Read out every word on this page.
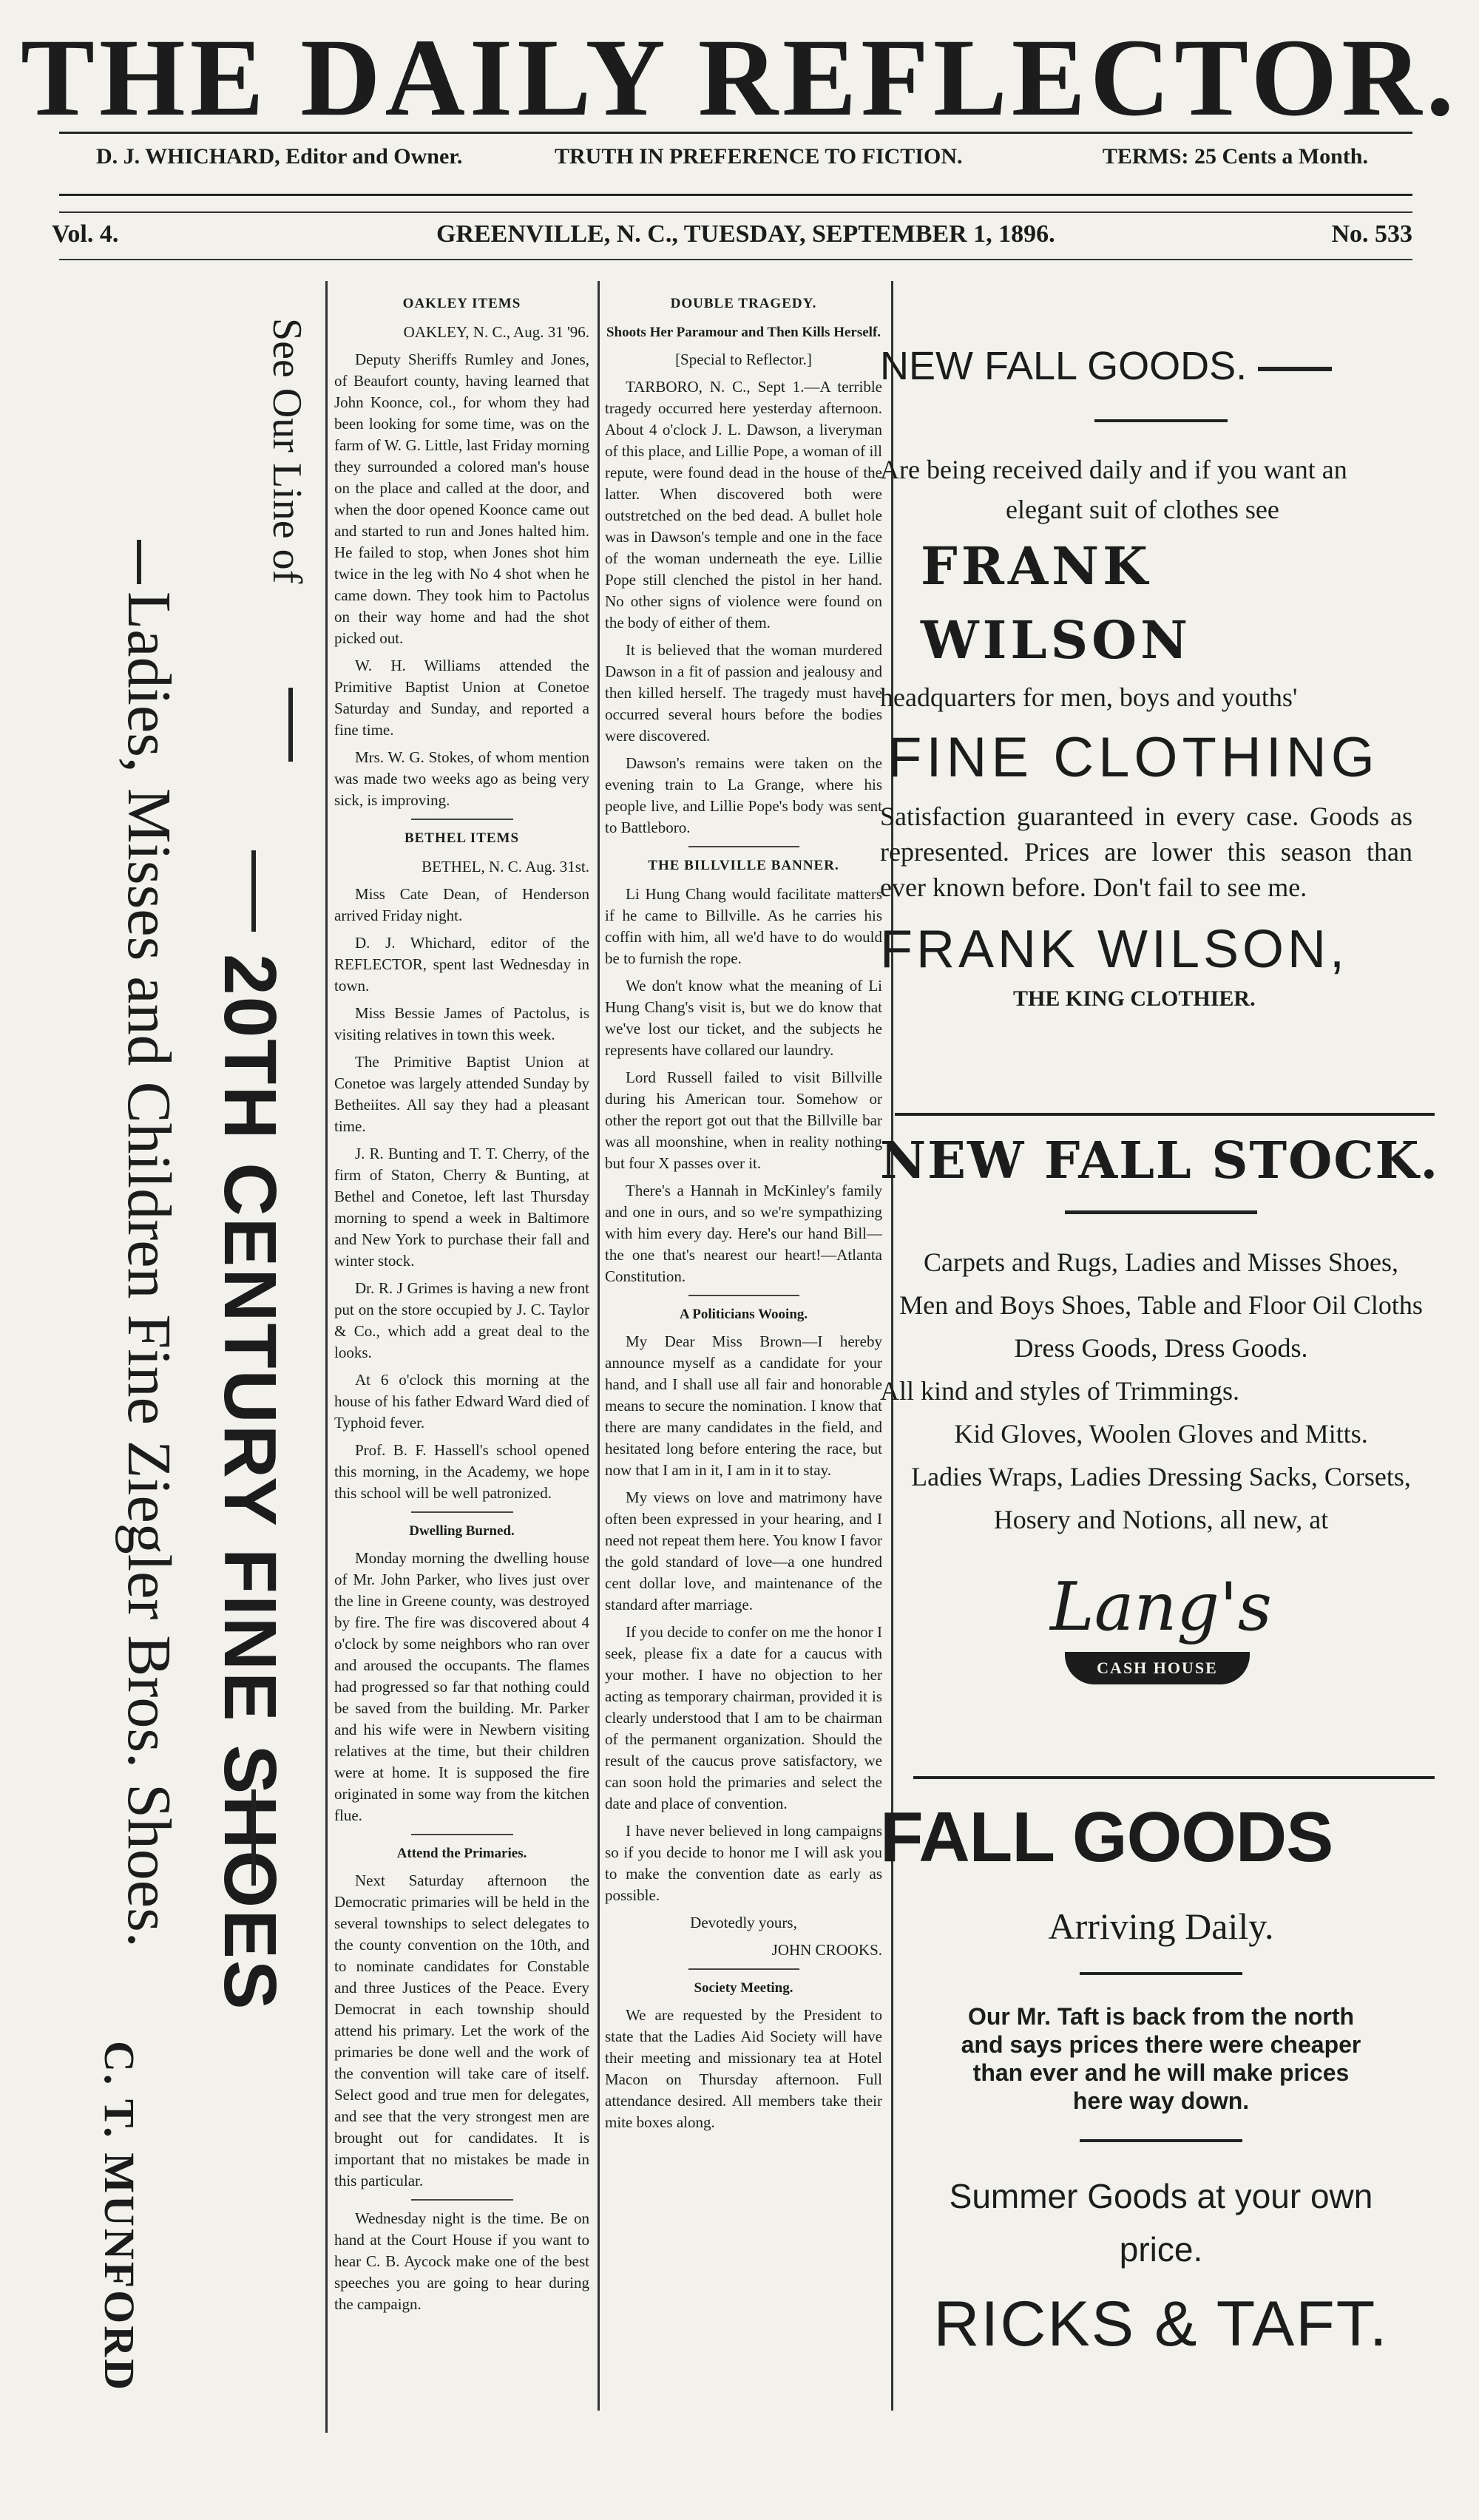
THE DAILY REFLECTOR.
D. J. WHICHARD, Editor and Owner.	TRUTH IN PREFERENCE TO FICTION.	TERMS: 25 Cents a Month.
Vol. 4.	GREENVILLE, N. C., TUESDAY, SEPTEMBER 1, 1896.	No. 533
See Our Line of
20TH CENTURY FINE SHOES
Ladies, Misses and Children Fine Ziegler Bros. Shoes.
C. T. MUNFORD
OAKLEY ITEMS

OAKLEY, N. C., Aug. 31 '96.

Deputy Sheriffs Rumley and Jones, of Beaufort county, having learned that John Koonce, col., for whom they had been looking for some time, was on the farm of W. G. Little, last Friday morning they surrounded a colored man's house on the place and called at the door, and when the door opened Koonce came out and started to run and Jones halted him. He failed to stop, when Jones shot him twice in the leg with No 4 shot when he came down. They took him to Pactolus on their way home and had the shot picked out.

W. H. Williams attended the Primitive Baptist Union at Conetoe Saturday and Sunday, and reported a fine time.

Mrs. W. G. Stokes, of whom mention was made two weeks ago as being very sick, is improving.

BETHEL ITEMS

BETHEL, N. C. Aug. 31st.

Miss Cate Dean, of Henderson arrived Friday night.

D. J. Whichard, editor of the REFLECTOR, spent last Wednesday in town.

Miss Bessie James of Pactolus, is visiting relatives in town this week.

The Primitive Baptist Union at Conetoe was largely attended Sunday by Betheiites. All say they had a pleasant time.

J. R. Bunting and T. T. Cherry, of the firm of Staton, Cherry & Bunting, at Bethel and Conetoe, left last Thursday morning to spend a week in Baltimore and New York to purchase their fall and winter stock.

Dr. R. J Grimes is having a new front put on the store occupied by J. C. Taylor & Co., which add a great deal to the looks.

At 6 o'clock this morning at the house of his father Edward Ward died of Typhoid fever.

Prof. B. F. Hassell's school opened this morning, in the Academy, we hope this school will be well patronized.

Dwelling Burned.

Monday morning the dwelling house of Mr. John Parker, who lives just over the line in Greene county, was destroyed by fire. The fire was discovered about 4 o'clock by some neighbors who ran over and aroused the occupants. The flames had progressed so far that nothing could be saved from the building. Mr. Parker and his wife were in Newbern visiting relatives at the time, but their children were at home. It is supposed the fire originated in some way from the kitchen flue.

Attend the Primaries.

Next Saturday afternoon the Democratic primaries will be held in the several townships to select delegates to the county convention on the 10th, and to nominate candidates for Constable and three Justices of the Peace. Every Democrat in each township should attend his primary. Let the work of the primaries be done well and the work of the convention will take care of itself. Select good and true men for delegates, and see that the very strongest men are brought out for candidates. It is important that no mistakes be made in this particular.

Wednesday night is the time. Be on hand at the Court House if you want to hear C. B. Aycock make one of the best speeches you are going to hear during the campaign.

DOUBLE TRAGEDY.
Shoots Her Paramour and Then Kills Herself.

[Special to Reflector.]

TARBORO, N. C., Sept 1.—A terrible tragedy occurred here yesterday afternoon. About 4 o'clock J. L. Dawson, a liveryman of this place, and Lillie Pope, a woman of ill repute, were found dead in the house of the latter. When discovered both were outstretched on the bed dead. A bullet hole was in Dawson's temple and one in the face of the woman underneath the eye. Lillie Pope still clenched the pistol in her hand. No other signs of violence were found on the body of either of them.

It is believed that the woman murdered Dawson in a fit of passion and jealousy and then killed herself. The tragedy must have occurred several hours before the bodies were discovered.

Dawson's remains were taken on the evening train to La Grange, where his people live, and Lillie Pope's body was sent to Battleboro.

THE BILLVILLE BANNER.

Li Hung Chang would facilitate matters if he came to Billville. As he carries his coffin with him, all we'd have to do would be to furnish the rope.

We don't know what the meaning of Li Hung Chang's visit is, but we do know that we've lost our ticket, and the subjects he represents have collared our laundry.

Lord Russell failed to visit Billville during his American tour. Somehow or other the report got out that the Billville bar was all moonshine, when in reality nothing but four X passes over it.

There's a Hannah in McKinley's family and one in ours, and so we're sympathizing with him every day. Here's our hand Bill—the one that's nearest our heart!—Atlanta Constitution.

A Politicians Wooing.

My Dear Miss Brown—I hereby announce myself as a candidate for your hand, and I shall use all fair and honorable means to secure the nomination. I know that there are many candidates in the field, and hesitated long before entering the race, but now that I am in it, I am in it to stay.

My views on love and matrimony have often been expressed in your hearing, and I need not repeat them here. You know I favor the gold standard of love—a one hundred cent dollar love, and maintenance of the standard after marriage.

If you decide to confer on me the honor I seek, please fix a date for a caucus with your mother. I have no objection to her acting as temporary chairman, provided it is clearly understood that I am to be chairman of the permanent organization. Should the result of the caucus prove satisfactory, we can soon hold the primaries and select the date and place of convention.

I have never believed in long campaigns so if you decide to honor me I will ask you to make the convention date as early as possible.

Devotedly yours,

JOHN CROOKS.

Society Meeting.

We are requested by the President to state that the Ladies Aid Society will have their meeting and missionary tea at Hotel Macon on Thursday afternoon. Full attendance desired. All members take their mite boxes along.

NEW FALL GOODS.
Are being received daily and if you want an
elegant suit of clothes see
FRANK WILSON
headquarters for men, boys and youths'
FINE CLOTHING
Satisfaction guaranteed in every case. Goods as represented. Prices are lower this season than ever known before. Don't fail to see me.
FRANK WILSON,
THE KING CLOTHIER.
NEW FALL STOCK.
Carpets and Rugs, Ladies and Misses Shoes,
Men and Boys Shoes, Table and Floor Oil Cloths
Dress Goods, Dress Goods.
All kind and styles of Trimmings.
Kid Gloves, Woolen Gloves and Mitts.
Ladies Wraps, Ladies Dressing Sacks, Corsets,
Hosery and Notions, all new, at
Lang's
CASH HOUSE
FALL GOODS
Arriving Daily.
Our Mr. Taft is back from the north and says prices there were cheaper than ever and he will make prices here way down.
Summer Goods at your own price.
RICKS & TAFT.
